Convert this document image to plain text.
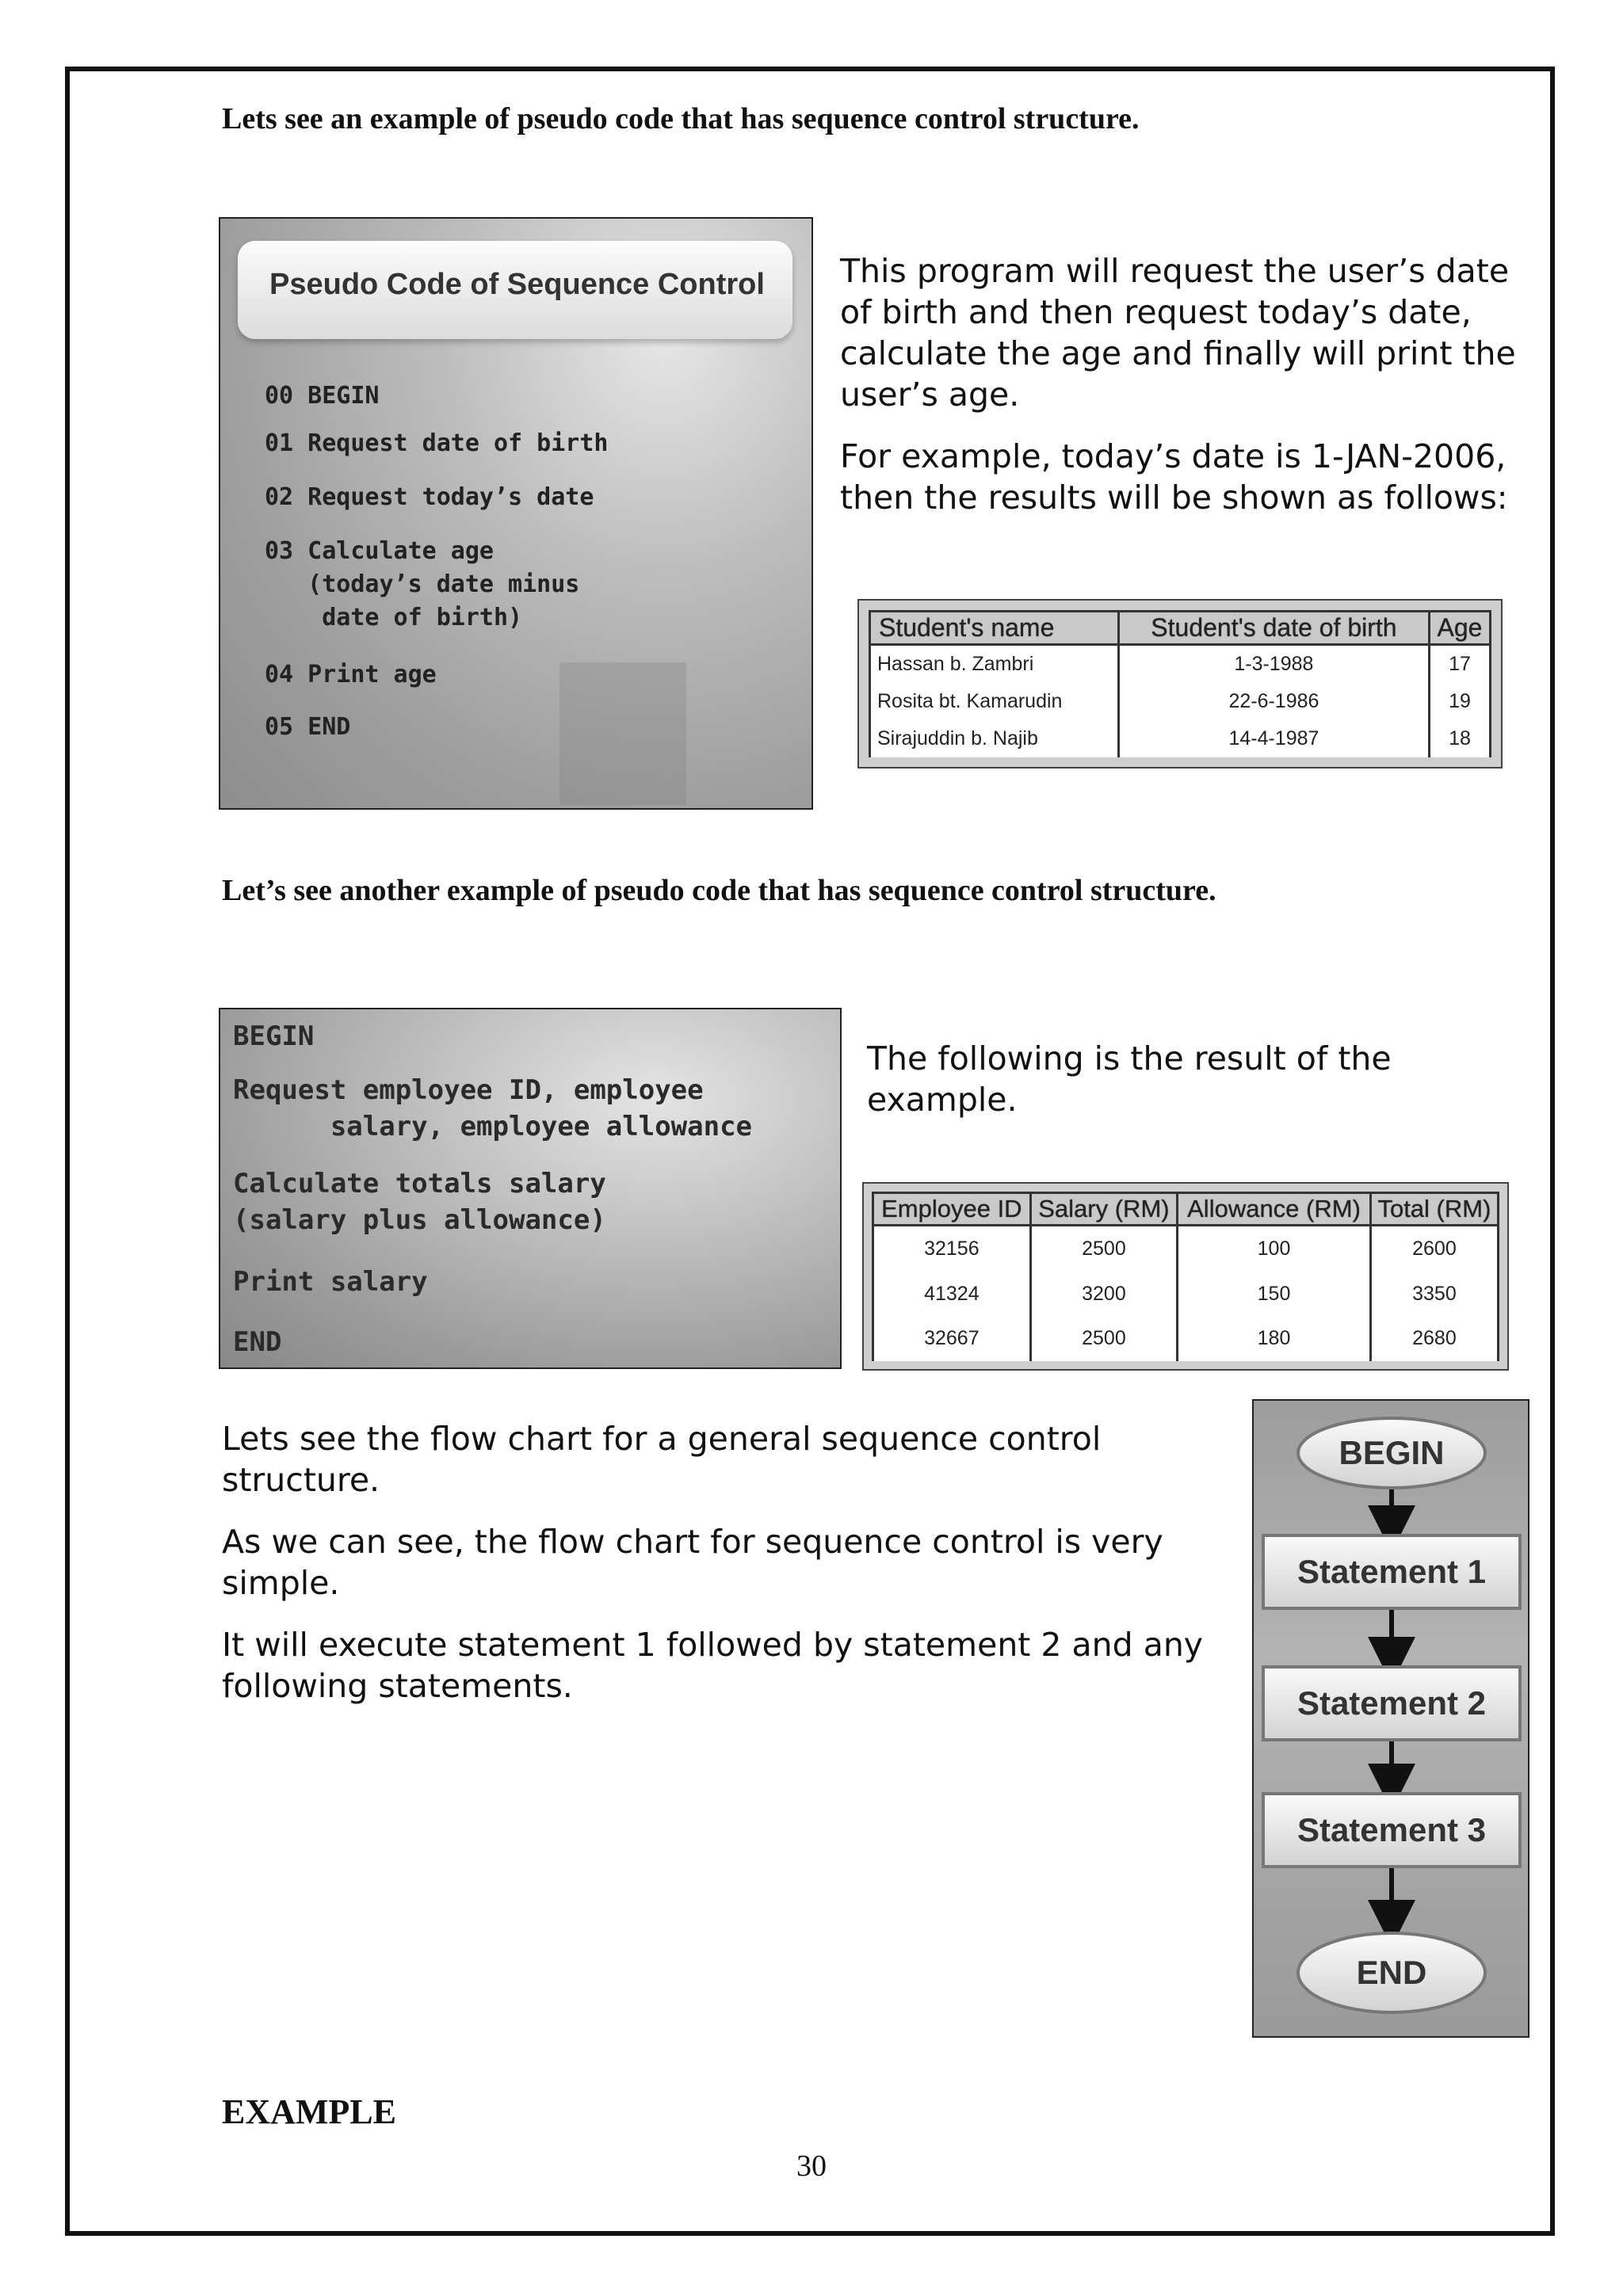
Lets see an example of pseudo code that has sequence control structure.
Pseudo Code of Sequence Control
00 BEGIN
01 Request date of birth
02 Request today’s date
03 Calculate age
(today’s date minus
date of birth)
04 Print age
05 END

This program will request the user’s date of birth and then request today’s date, calculate the age and finally will print the user’s age.

For example, today’s date is 1-JAN-2006, then the results will be shown as follows:

Student's name	Student's date of birth	Age
Hassan b. Zambri	1-3-1988	17
Rosita bt. Kamarudin	22-6-1986	19
Sirajuddin b. Najib	14-4-1987	18
Let’s see another example of pseudo code that has sequence control structure.
BEGIN
Request employee ID, employee
salary, employee allowance
Calculate totals salary
(salary plus allowance)
Print salary
END

The following is the result of the example.

Employee ID	Salary (RM)	Allowance (RM)	Total (RM)
32156	2500	100	2600
41324	3200	150	3350
32667	2500	180	2680

Lets see the flow chart for a general sequence control structure.

As we can see, the flow chart for sequence control is very simple.

It will execute statement 1 followed by statement 2 and any following statements.

BEGIN
Statement 1
Statement 2
Statement 3
END
EXAMPLE
30
